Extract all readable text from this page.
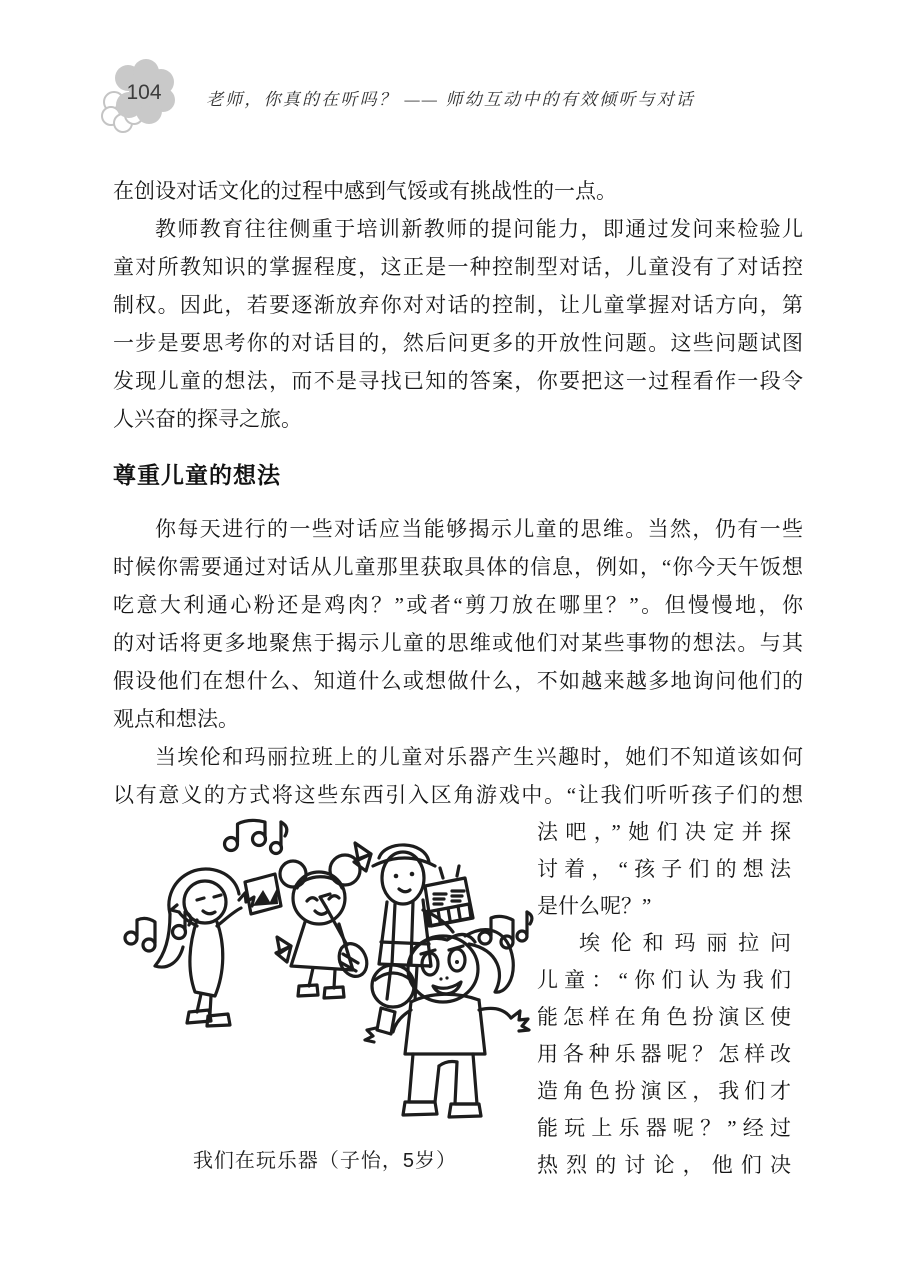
104	老师，你真的在听吗？ —— 师幼互动中的有效倾听与对话
在创设对话文化的过程中感到气馁或有挑战性的一点。
教师教育往往侧重于培训新教师的提问能力，即通过发问来检验儿
童对所教知识的掌握程度，这正是一种控制型对话，儿童没有了对话控
制权。因此，若要逐渐放弃你对对话的控制，让儿童掌握对话方向，第
一步是要思考你的对话目的，然后问更多的开放性问题。这些问题试图
发现儿童的想法，而不是寻找已知的答案，你要把这一过程看作一段令
人兴奋的探寻之旅。
尊重儿童的想法
你每天进行的一些对话应当能够揭示儿童的思维。当然，仍有一些
时候你需要通过对话从儿童那里获取具体的信息，例如，“你今天午饭想
吃意大利通心粉还是鸡肉？”或者“剪刀放在哪里？”。但慢慢地，你
的对话将更多地聚焦于揭示儿童的思维或他们对某些事物的想法。与其
假设他们在想什么、知道什么或想做什么，不如越来越多地询问他们的
观点和想法。
当埃伦和玛丽拉班上的儿童对乐器产生兴趣时，她们不知道该如何
以有意义的方式将这些东西引入区角游戏中。“让我们听听孩子们的想
我们在玩乐器（子怡，5岁）
法吧，”她们决定并探
讨着，“孩子们的想法
是什么呢？”
埃伦和玛丽拉问
儿童：“你们认为我们
能怎样在角色扮演区使
用各种乐器呢？怎样改
造角色扮演区，我们才
能玩上乐器呢？”经过
热烈的讨论，他们决
